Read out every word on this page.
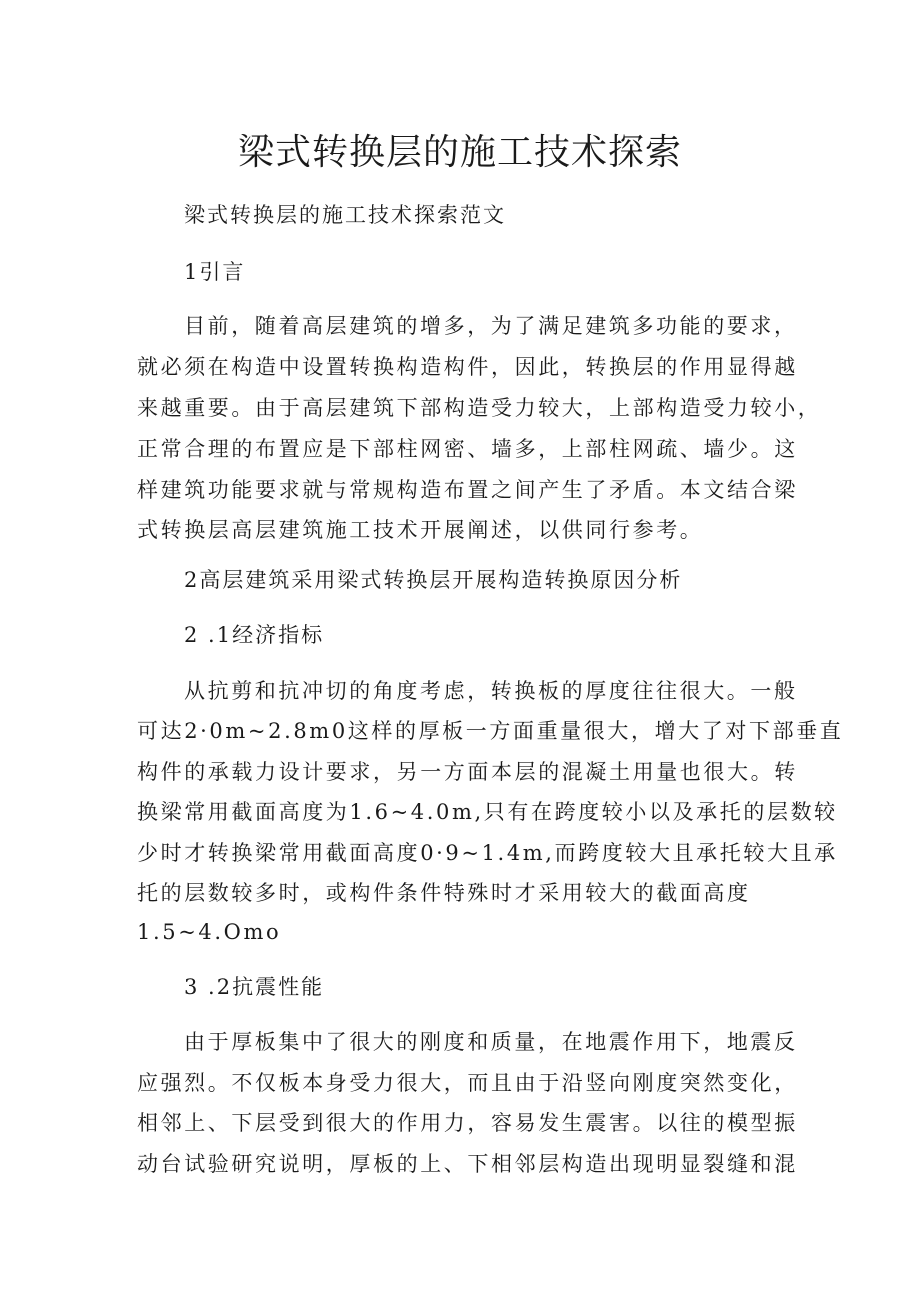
梁式转换层的施工技术探索

梁式转换层的施工技术探索范文

1引言

目前，随着高层建筑的增多，为了满足建筑多功能的要求，

就必须在构造中设置转换构造构件，因此，转换层的作用显得越

来越重要。由于高层建筑下部构造受力较大，上部构造受力较小，

正常合理的布置应是下部柱网密、墙多，上部柱网疏、墙少。这

样建筑功能要求就与常规构造布置之间产生了矛盾。本文结合梁

式转换层高层建筑施工技术开展阐述，以供同行参考。

2高层建筑采用梁式转换层开展构造转换原因分析

2 .1经济指标

从抗剪和抗冲切的角度考虑，转换板的厚度往往很大。一般

可达2·0m~2.8m0这样的厚板一方面重量很大，增大了对下部垂直

构件的承载力设计要求，另一方面本层的混凝土用量也很大。转

换梁常用截面高度为1.6~4.0m,只有在跨度较小以及承托的层数较

少时才转换梁常用截面高度0·9~1.4m,而跨度较大且承托较大且承

托的层数较多时，或构件条件特殊时才采用较大的截面高度

1.5~4.Omo

3 .2抗震性能

由于厚板集中了很大的刚度和质量，在地震作用下，地震反

应强烈。不仅板本身受力很大，而且由于沿竖向刚度突然变化，

相邻上、下层受到很大的作用力，容易发生震害。以往的模型振

动台试验研究说明，厚板的上、下相邻层构造出现明显裂缝和混
